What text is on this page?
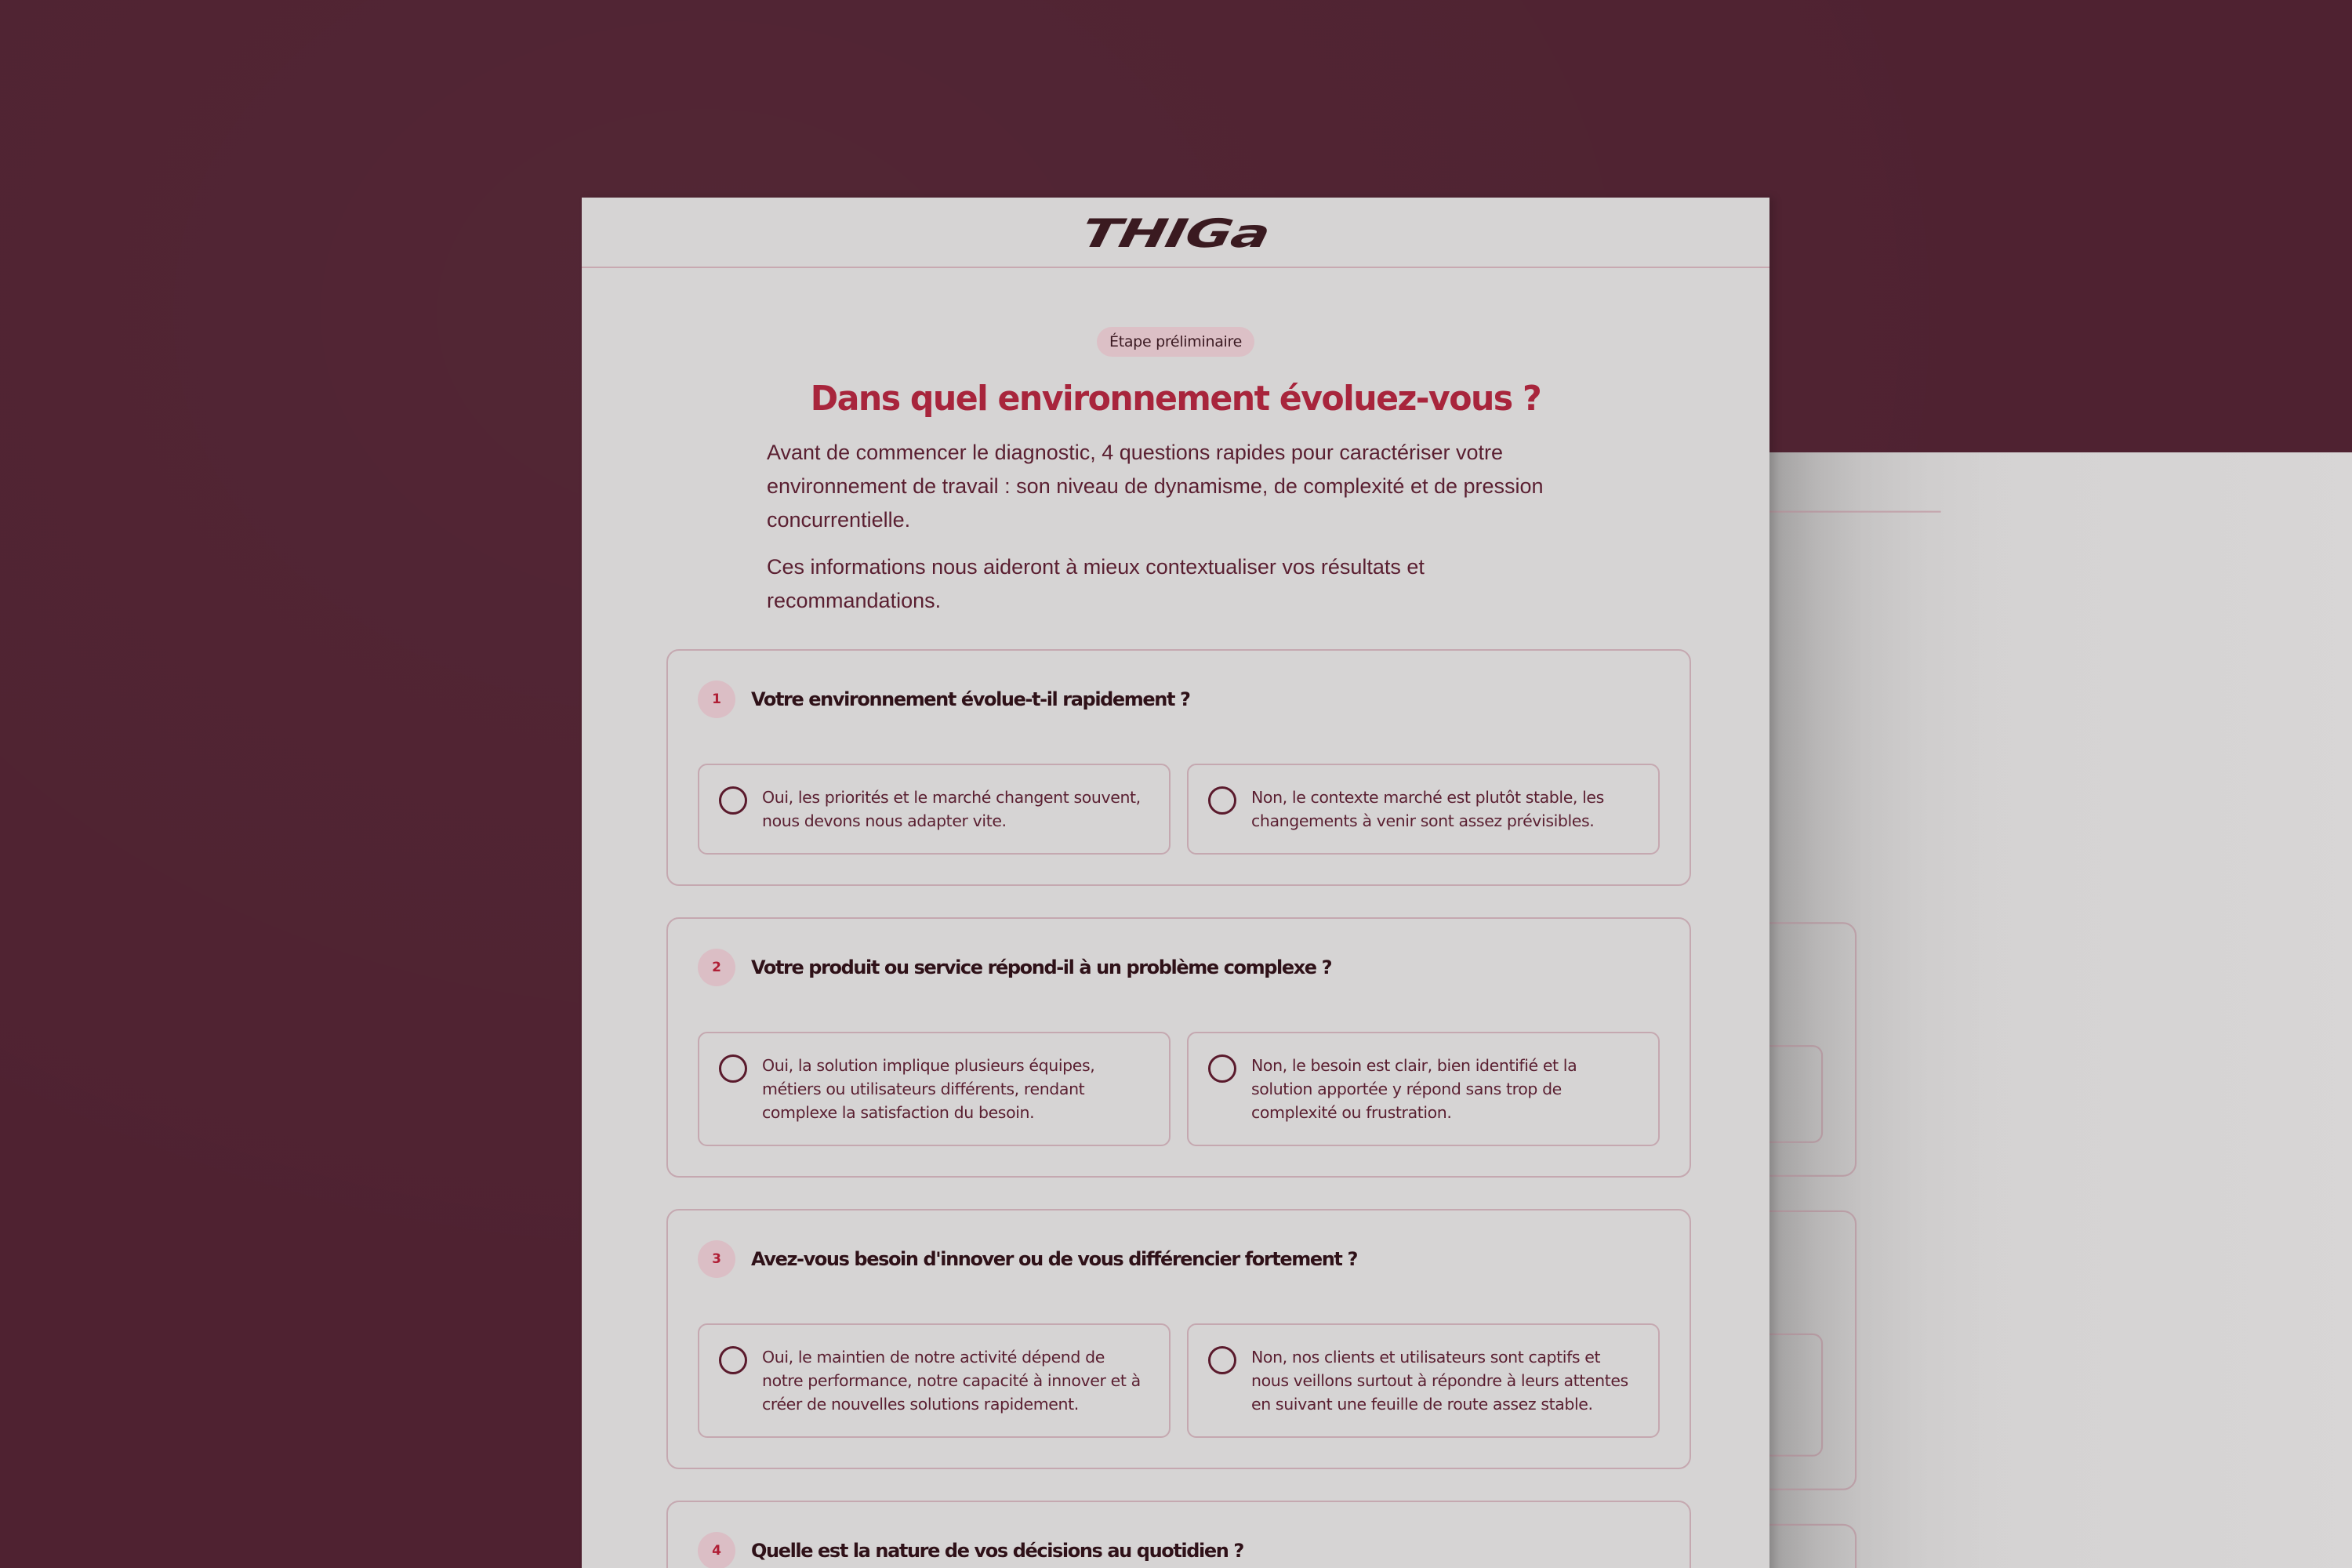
THIGa
Étape préliminaire
Dans quel environnement évoluez-vous ?

Avant de commencer le diagnostic, 4 questions rapides pour caractériser votre environnement de travail : son niveau de dynamisme, de complexité et de pression concurrentielle.

Ces informations nous aideront à mieux contextualiser vos résultats et recommandations.

1	Votre environnement évolue-t-il rapidement ?
Oui, les priorités et le marché changent souvent, nous devons nous adapter vite.
Non, le contexte marché est plutôt stable, les changements à venir sont assez prévisibles.
2	Votre produit ou service répond-il à un problème complexe ?
Oui, la solution implique plusieurs équipes, métiers ou utilisateurs différents, rendant complexe la satisfaction du besoin.
Non, le besoin est clair, bien identifié et la solution apportée y répond sans trop de complexité ou frustration.
3	Avez-vous besoin d'innover ou de vous différencier fortement ?
Oui, le maintien de notre activité dépend de notre performance, notre capacité à innover et à créer de nouvelles solutions rapidement.
Non, nos clients et utilisateurs sont captifs et nous veillons surtout à répondre à leurs attentes en suivant une feuille de route assez stable.
4	Quelle est la nature de vos décisions au quotidien ?
